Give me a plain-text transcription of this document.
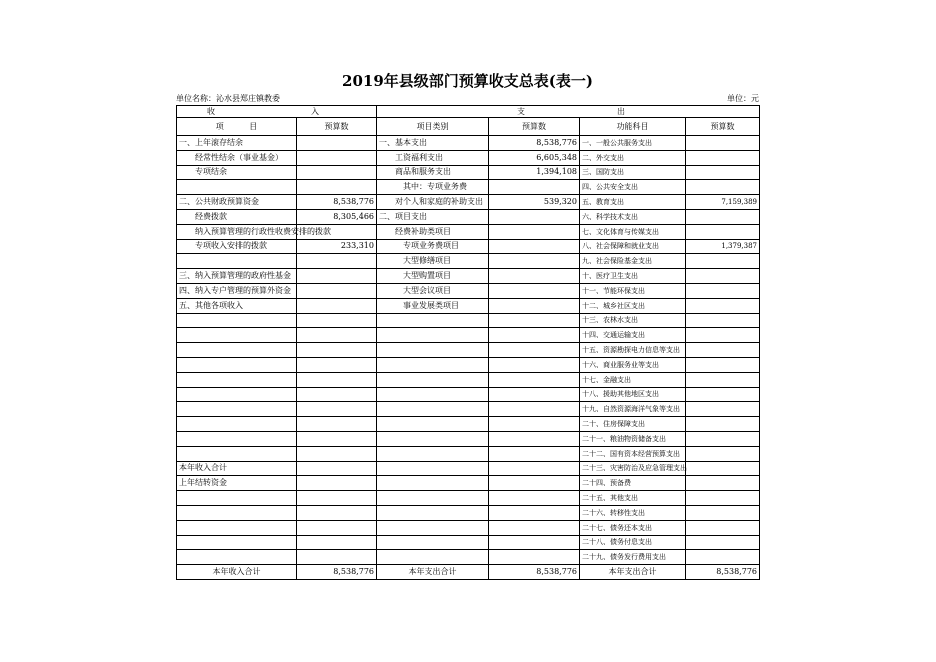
2019年县级部门预算收支总表(表一)
单位名称：沁水县郑庄镇教委	单位：元
收 入		支 出			

项          目	预算数	项目类别	预算数	功能科目	预算数
一、上年滚存结余		一、基本支出	8,538,776	一、一般公共服务支出	
经常性结余（事业基金）		工资福利支出	6,605,348	二、外交支出	
专项结余		商品和服务支出	1,394,108	三、国防支出	
		其中：专项业务费		四、公共安全支出	
二、公共财政预算资金	8,538,776	对个人和家庭的补助支出	539,320	五、教育支出	7,159,389
经费拨款	8,305,466	二、项目支出		六、科学技术支出	
纳入预算管理的行政性收费安排的拨款		经费补助类项目		七、文化体育与传媒支出	
专项收入安排的拨款	233,310	专项业务费项目		八、社会保障和就业支出	1,379,387
		大型修缮项目		九、社会保险基金支出	
三、纳入预算管理的政府性基金		大型购置项目		十、医疗卫生支出	
四、纳入专户管理的预算外资金		大型会议项目		十一、节能环保支出	
五、其他各项收入		事业发展类项目		十二、城乡社区支出	
				十三、农林水支出	
				十四、交通运输支出	
				十五、资源勘探电力信息等支出	
				十六、商业服务业等支出	
				十七、金融支出	
				十八、援助其他地区支出	
				十九、自然资源海洋气象等支出	
				二十、住房保障支出	
				二十一、粮油物资储备支出	
				二十二、国有资本经营预算支出	
本年收入合计				二十三、灾害防治及应急管理支出	
上年结转资金				二十四、预备费	
				二十五、其他支出	
				二十六、转移性支出	
				二十七、债务还本支出	
				二十八、债务付息支出	
				二十九、债务发行费用支出	
本年收入合计	8,538,776	本年支出合计	8,538,776	本年支出合计	8,538,776
